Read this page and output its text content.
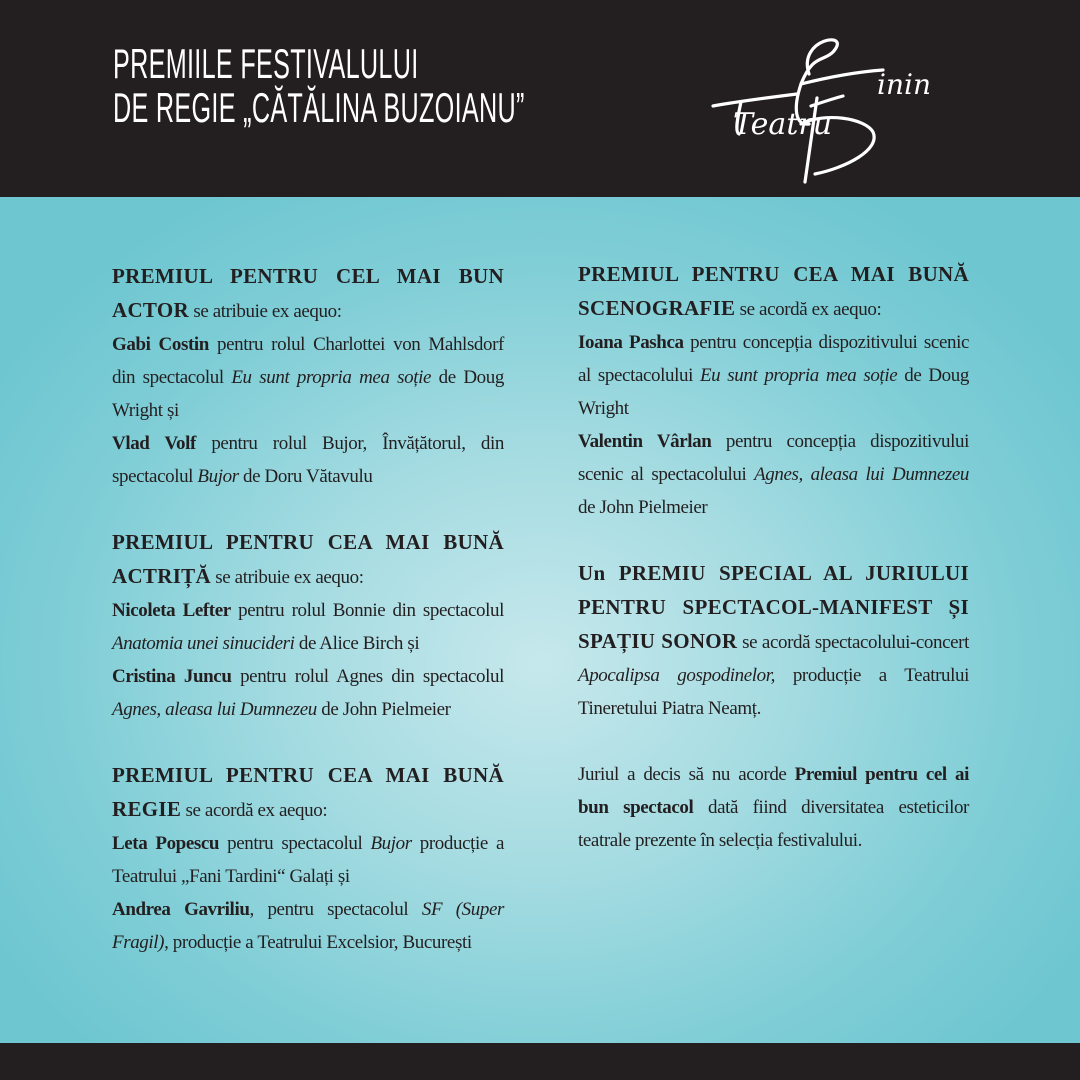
PREMIILE FESTIVALULUI
DE REGIE „CĂTĂLINA BUZOIANU”	Teatru
inin

PREMIUL PENTRU CEL MAI BUN

ACTOR se atribuie ex aequo:

Gabi Costin pentru rolul Charlottei von Mahlsdorf din spectacolul Eu sunt propria mea soție de Doug Wright și

Vlad Volf pentru rolul Bujor, Învățătorul, din spectacolul Bujor de Doru Vătavulu

PREMIUL PENTRU CEA MAI BUNĂ ACTRIȚĂ se atribuie ex aequo:

Nicoleta Lefter pentru rolul Bonnie din spectacolul Anatomia unei sinucideri de Alice Birch și

Cristina Juncu pentru rolul Agnes din spectacolul Agnes, aleasa lui Dumnezeu de John Pielmeier

PREMIUL PENTRU CEA MAI BUNĂ

REGIE se acordă ex aequo:

Leta Popescu pentru spectacolul Bujor producție a Teatrului „Fani Tardini“ Galați și

Andrea Gavriliu, pentru spectacolul SF (Super Fragil), producție a Teatrului Excelsior, București

PREMIUL PENTRU CEA MAI BUNĂ

SCENOGRAFIE se acordă ex aequo:

Ioana Pashca pentru concepția dispozitivului scenic al spectacolului Eu sunt propria mea soție de Doug Wright

Valentin Vârlan pentru concepția dispozitivului scenic al spectacolului Agnes, aleasa lui Dumnezeu de John Pielmeier

Un PREMIU SPECIAL AL JURIULUI PENTRU SPECTACOL-MANIFEST ȘI SPAȚIU SONOR se acordă spectacolului-concert Apocalipsa gospodinelor, producție a Teatrului Tineretului Piatra Neamț.

Juriul a decis să nu acorde Premiul pentru cel ai bun spectacol dată fiind diversitatea esteticilor teatrale prezente în selecția festivalului.
